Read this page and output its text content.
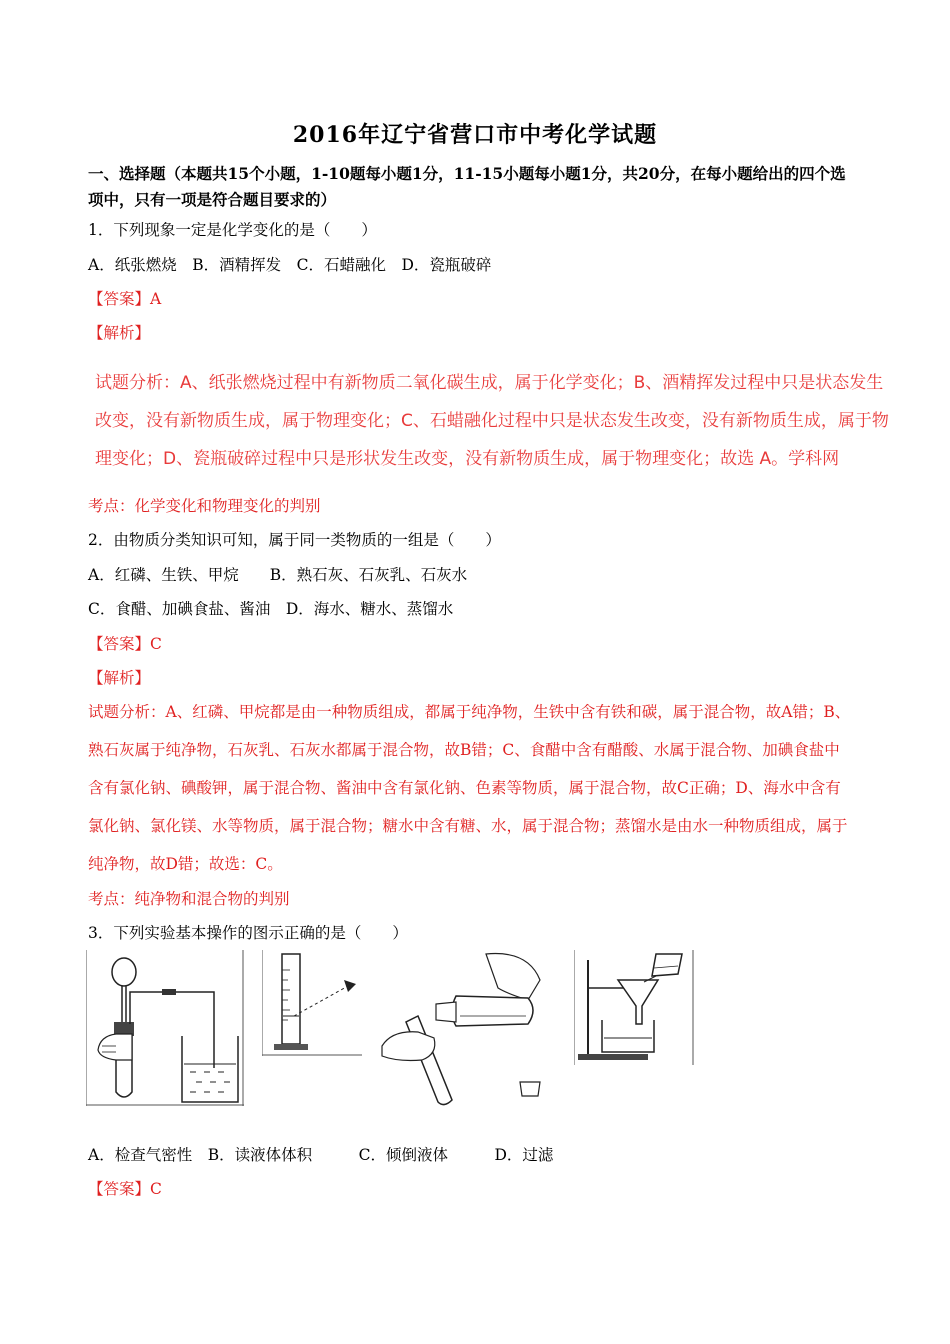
2016年辽宁省营口市中考化学试题
一、选择题（本题共15个小题，1-10题每小题1分，11-15小题每小题1分，共20分，在每小题给出的四个选
项中，只有一项是符合题目要求的）
1．下列现象一定是化学变化的是（　　）
A．纸张燃烧　B．酒精挥发　C．石蜡融化　D．瓷瓶破碎
【答案】A
【解析】
试题分析：A、纸张燃烧过程中有新物质二氧化碳生成，属于化学变化；B、酒精挥发过程中只是状态发生
改变，没有新物质生成，属于物理变化；C、石蜡融化过程中只是状态发生改变，没有新物质生成，属于物
理变化；D、瓷瓶破碎过程中只是形状发生改变，没有新物质生成，属于物理变化；故选 A。学科网
考点：化学变化和物理变化的判别
2．由物质分类知识可知，属于同一类物质的一组是（　　）
A．红磷、生铁、甲烷　　B．熟石灰、石灰乳、石灰水
C．食醋、加碘食盐、酱油　D．海水、糖水、蒸馏水
【答案】C
【解析】
试题分析：A、红磷、甲烷都是由一种物质组成，都属于纯净物，生铁中含有铁和碳，属于混合物，故A错；B、
熟石灰属于纯净物，石灰乳、石灰水都属于混合物，故B错；C、食醋中含有醋酸、水属于混合物、加碘食盐中
含有氯化钠、碘酸钾，属于混合物、酱油中含有氯化钠、色素等物质，属于混合物，故C正确；D、海水中含有
氯化钠、氯化镁、水等物质，属于混合物；糖水中含有糖、水，属于混合物；蒸馏水是由水一种物质组成，属于
纯净物，故D错；故选：C。
考点：纯净物和混合物的判别
3．下列实验基本操作的图示正确的是（　　）
A．检查气密性　B．读液体体积　　　C．倾倒液体　　　D．过滤
【答案】C
